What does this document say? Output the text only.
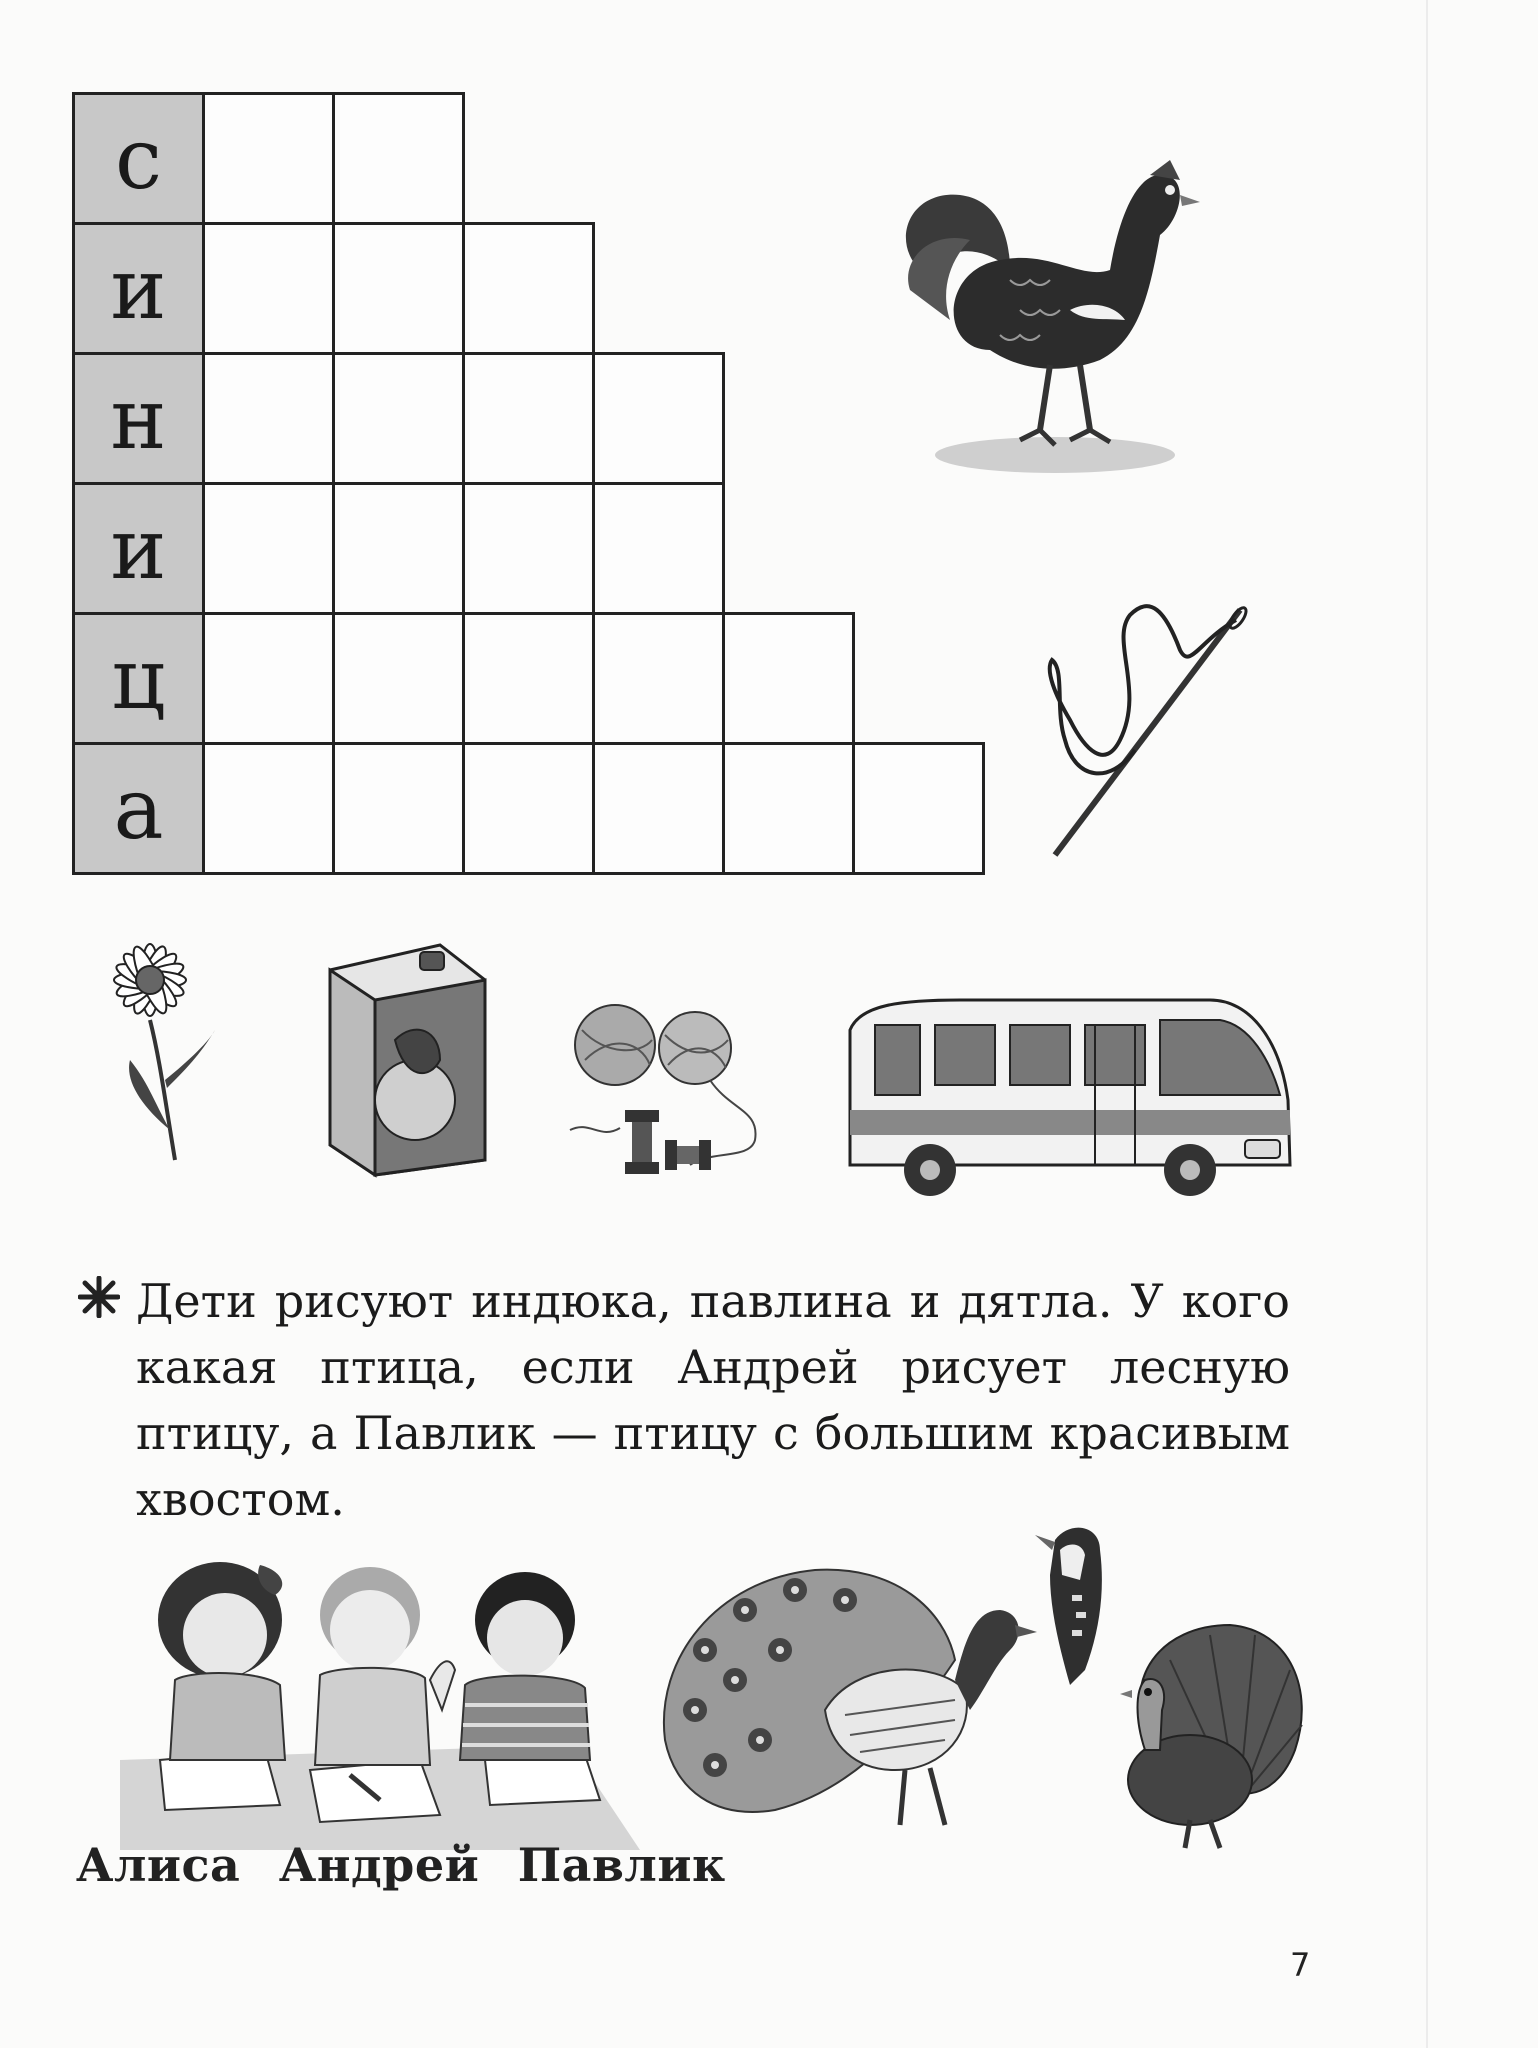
с
и
н
и
ц
а
Дети рисуют индюка, павлина и дятла. У кого какая птица, если Андрей рисует лесную птицу, а Павлик — птицу с большим красивым хвостом.
Алиса Андрей Павлик
7
